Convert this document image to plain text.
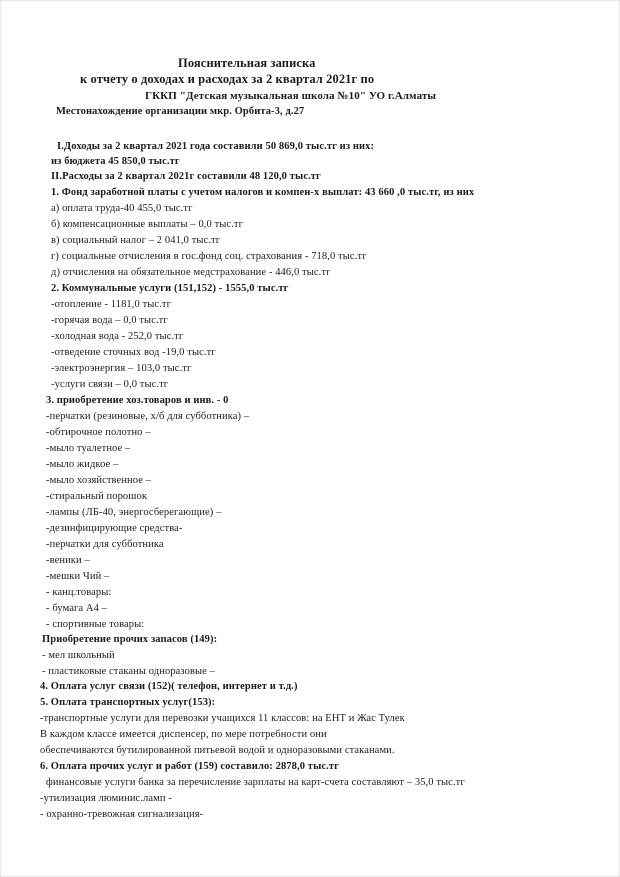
Пояснительная записка
к отчету о доходах и расходах за 2 квартал 2021г по
ГККП "Детская музыкальная школа №10" УО г.Алматы
Местонахождение организации мкр. Орбита-3, д.27
I.Доходы за 2 квартал 2021 года составили 50 869,0 тыс.тг из них:
из бюджета 45 850,0 тыс.тг
II.Расходы за 2 квартал 2021г составили 48 120,0 тыс.тг
1. Фонд заработной платы с учетом налогов и компен-х выплат: 43 660 ,0 тыс.тг, из них
а) оплата труда-40 455,0 тыс.тг
б) компенсационные выплаты – 0,0 тыс.тг
в) социальный налог – 2 041,0 тыс.тг
г) социальные отчисления в гос.фонд соц. страхования - 718,0 тыс.тг
д) отчисления на обязательное медстрахование - 446,0 тыс.тг
2. Коммунальные услуги (151,152) - 1555,0 тыс.тг
-отопление - 1181,0 тыс.тг
-горячая вода – 0,0 тыс.тг
-холодная вода - 252,0 тыс.тг
-отведение сточных вод -19,0 тыс.тг
-электроэнергия – 103,0 тыс.тг
-услуги связи – 0,0 тыс.тг
3. приобретение хоз.товаров и инв. - 0
-перчатки (резиновые, х/б для субботника) –
-обтирочное полотно –
-мыло туалетное –
-мыло жидкое –
-мыло хозяйственное –
-стиральный порошок
-лампы (ЛБ-40, энергосберегающие) –
-дезинфицирующие средства-
-перчатки для субботника
-веники –
-мешки Чий –
- канц.товары:
- бумага А4 –
- спортивные товары:
Приобретение прочих запасов (149):
- мел школьный
- пластиковые стаканы одноразовые –
4. Оплата услуг связи (152)( телефон, интернет и т.д.)
5. Оплата транспортных услуг(153):
-транспортные услуги для перевозки учащихся 11 классов: на ЕНТ и Жас Тулек
В каждом классе имеется диспенсер, по мере потребности они
обеспечиваются бутилированной питьевой водой и одноразовыми стаканами.
6. Оплата прочих услуг и работ (159) составило: 2878,0 тыс.тг
финансовые услуги банка за перечисление зарплаты на карт-счета составляют – 35,0 тыс.тг
-утилизация люминис.ламп -
- охранно-тревожная сигнализация-
